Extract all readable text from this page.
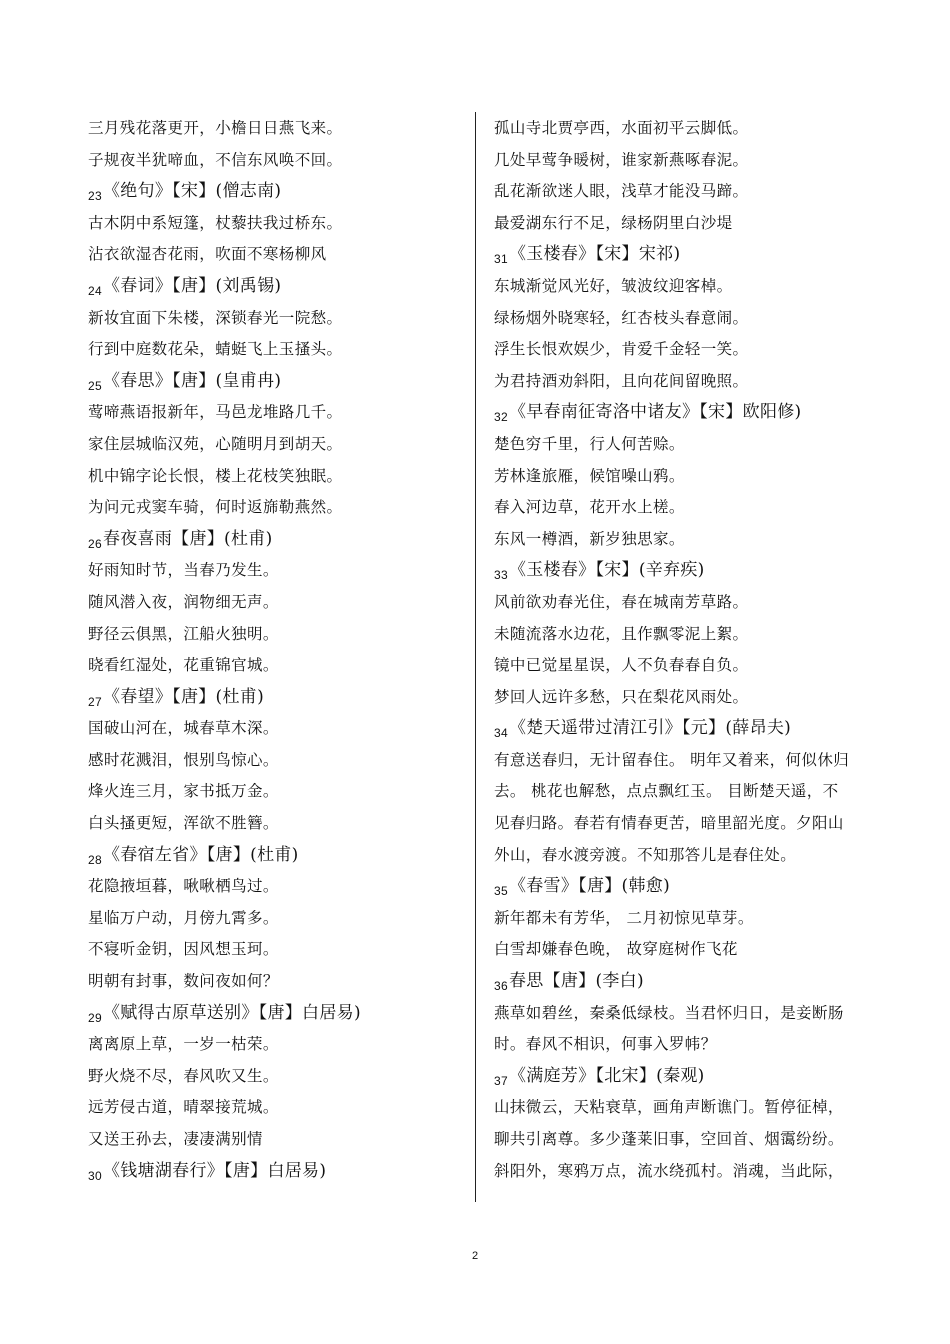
三月残花落更开，小檐日日燕飞来。
子规夜半犹啼血，不信东风唤不回。
$_{23}$《绝句》【宋】(僧志南)
古木阴中系短篷，杖藜扶我过桥东。
沾衣欲湿杏花雨，吹面不寒杨柳风
$_{24}$《春词》【唐】(刘禹锡)
新妆宜面下朱楼，深锁春光一院愁。
行到中庭数花朵，蜻蜓飞上玉搔头。
$_{25}$《春思》【唐】(皇甫冉)
莺啼燕语报新年，马邑龙堆路几千。
家住层城临汉苑，心随明月到胡天。
机中锦字论长恨，楼上花枝笑独眠。
为问元戎窦车骑，何时返旆勒燕然。
$_{26}$春夜喜雨【唐】(杜甫)
好雨知时节，当春乃发生。
随风潜入夜，润物细无声。
野径云俱黑，江船火独明。
晓看红湿处，花重锦官城。
$_{27}$《春望》【唐】(杜甫)
国破山河在，城春草木深。
感时花溅泪，恨别鸟惊心。
烽火连三月，家书抵万金。
白头搔更短，浑欲不胜簪。
$_{28}$《春宿左省》【唐】(杜甫)
花隐掖垣暮，啾啾栖鸟过。
星临万户动，月傍九霄多。
不寝听金钥，因风想玉珂。
明朝有封事，数问夜如何？
$_{29}$《赋得古原草送别》【唐】白居易)
离离原上草，一岁一枯荣。
野火烧不尽，春风吹又生。
远芳侵古道，晴翠接荒城。
又送王孙去，凄凄满别情
$_{30}$《钱塘湖春行》【唐】白居易)
孤山寺北贾亭西，水面初平云脚低。
几处早莺争暖树，谁家新燕啄春泥。
乱花渐欲迷人眼，浅草才能没马蹄。
最爱湖东行不足，绿杨阴里白沙堤
$_{31}$《玉楼春》【宋】宋祁)
东城渐觉风光好，皱波纹迎客棹。
绿杨烟外晓寒轻，红杏枝头春意闹。
浮生长恨欢娱少，肯爱千金轻一笑。
为君持酒劝斜阳，且向花间留晚照。
$_{32}$《早春南征寄洛中诸友》【宋】欧阳修)
楚色穷千里，行人何苦赊。
芳林逢旅雁，候馆噪山鸦。
春入河边草，花开水上槎。
东风一樽酒，新岁独思家。
$_{33}$《玉楼春》【宋】(辛弃疾)
风前欲劝春光住，春在城南芳草路。
未随流落水边花，且作飘零泥上絮。
镜中已觉星星误，人不负春春自负。
梦回人远许多愁，只在梨花风雨处。
$_{34}$《楚天遥带过清江引》【元】(薛昂夫)
有意送春归，无计留春住。 明年又着来，何似休归
去。 桃花也解愁，点点飘红玉。 目断楚天遥，不
见春归路。春若有情春更苦，暗里韶光度。夕阳山
外山，春水渡旁渡。不知那答儿是春住处。
$_{35}$《春雪》【唐】(韩愈)
新年都未有芳华， 二月初惊见草芽。
白雪却嫌春色晚， 故穿庭树作飞花
$_{36}$春思【唐】(李白)
燕草如碧丝，秦桑低绿枝。当君怀归日，是妾断肠
时。春风不相识，何事入罗帏？
$_{37}$《满庭芳》【北宋】(秦观)
山抹微云，天粘衰草，画角声断谯门。暂停征棹，
聊共引离尊。多少蓬莱旧事，空回首、烟霭纷纷。
斜阳外，寒鸦万点，流水绕孤村。消魂，当此际，
2
